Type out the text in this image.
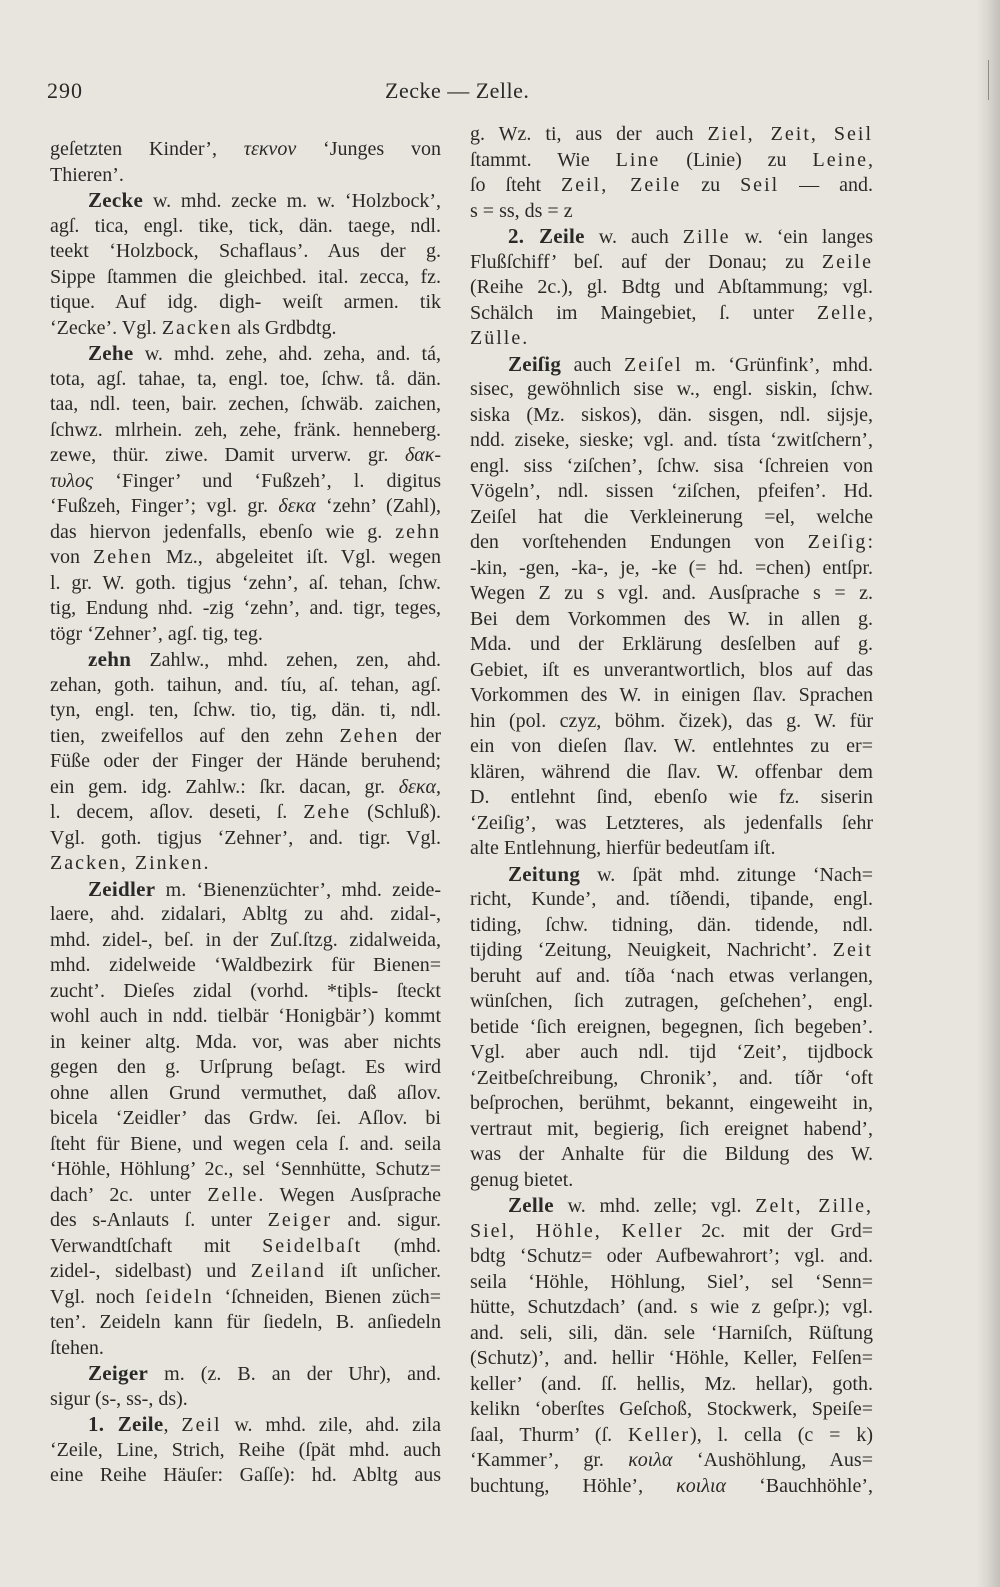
290	Zecke — Zelle.
geſetzten Kinder’, τεκνον ‘Junges von
Thieren’.
Zecke w. mhd. zecke m. w. ‘Holzbock’,
agſ. tica, engl. tike, tick, dän. taege, ndl.
teekt ‘Holzbock, Schaflaus’. Aus der g.
Sippe ſtammen die gleichbed. ital. zecca, fz.
tique. Auf idg. digh- weiſt armen. tik
‘Zecke’. Vgl. Zacken als Grdbdtg.
Zehe w. mhd. zehe, ahd. zeha, and. tá,
tota, agſ. tahae, ta, engl. toe, ſchw. tå. dän.
taa, ndl. teen, bair. zechen, ſchwäb. zaichen,
ſchwz. mlrhein. zeh, zehe, fränk. henneberg.
zewe, thür. ziwe. Damit urverw. gr. δακ-
τυλος ‘Finger’ und ‘Fußzeh’, l. digitus
‘Fußzeh, Finger’; vgl. gr. δεκα ‘zehn’ (Zahl),
das hiervon jedenfalls, ebenſo wie g. zehn
von Zehen Mz., abgeleitet iſt. Vgl. wegen
l. gr. W. goth. tigjus ‘zehn’, aſ. tehan, ſchw.
tig, Endung nhd. -zig ‘zehn’, and. tigr, teges,
tögr ‘Zehner’, agſ. tig, teg.
zehn Zahlw., mhd. zehen, zen, ahd.
zehan, goth. taihun, and. tíu, aſ. tehan, agſ.
tyn, engl. ten, ſchw. tio, tig, dän. ti, ndl.
tien, zweifellos auf den zehn Zehen der
Füße oder der Finger der Hände beruhend;
ein gem. idg. Zahlw.: ſkr. dacan, gr. δεκα,
l. decem, aſlov. deseti, ſ. Zehe (Schluß).
Vgl. goth. tigjus ‘Zehner’, and. tigr. Vgl.
Zacken, Zinken.
Zeidler m. ‘Bienenzüchter’, mhd. zeide-
laere, ahd. zidalari, Abltg zu ahd. zidal-,
mhd. zidel-, beſ. in der Zuſ.ſtzg. zidalweida,
mhd. zidelweide ‘Waldbezirk für Bienen=
zucht’. Dieſes zidal (vorhd. *tiþls- ſteckt
wohl auch in ndd. tielbär ‘Honigbär’) kommt
in keiner altg. Mda. vor, was aber nichts
gegen den g. Urſprung beſagt. Es wird
ohne allen Grund vermuthet, daß aſlov.
bicela ‘Zeidler’ das Grdw. ſei. Aſlov. bi
ſteht für Biene, und wegen cela ſ. and. seila
‘Höhle, Höhlung’ 2c., sel ‘Sennhütte, Schutz=
dach’ 2c. unter Zelle. Wegen Ausſprache
des s-Anlauts ſ. unter Zeiger and. sigur.
Verwandtſchaft mit Seidelbaſt (mhd.
zidel-, sidelbast) und Zeiland iſt unſicher.
Vgl. noch ſeideln ‘ſchneiden, Bienen züch=
ten’. Zeideln kann für ſiedeln, B. anſiedeln
ſtehen.
Zeiger m. (z. B. an der Uhr), and.
sigur (s-, ss-, ds).
1. Zeile, Zeil w. mhd. zile, ahd. zila
‘Zeile, Line, Strich, Reihe (ſpät mhd. auch
eine Reihe Häuſer: Gaſſe): hd. Abltg aus
g. Wz. ti, aus der auch Ziel, Zeit, Seil
ſtammt. Wie Line (Linie) zu Leine,
ſo ſteht Zeil, Zeile zu Seil — and.
s = ss, ds = z
2. Zeile w. auch Zille w. ‘ein langes
Flußſchiff’ beſ. auf der Donau; zu Zeile
(Reihe 2c.), gl. Bdtg und Abſtammung; vgl.
Schälch im Maingebiet, ſ. unter Zelle,
Zülle.
Zeiſig auch Zeiſel m. ‘Grünfink’, mhd.
sisec, gewöhnlich sise w., engl. siskin, ſchw.
siska (Mz. siskos), dän. sisgen, ndl. sijsje,
ndd. ziseke, sieske; vgl. and. tísta ‘zwitſchern’,
engl. siss ‘ziſchen’, ſchw. sisa ‘ſchreien von
Vögeln’, ndl. sissen ‘ziſchen, pfeifen’. Hd.
Zeiſel hat die Verkleinerung =el, welche
den vorſtehenden Endungen von Zeiſig:
-kin, -gen, -ka-, je, -ke (= hd. =chen) entſpr.
Wegen Z zu s vgl. and. Ausſprache s = z.
Bei dem Vorkommen des W. in allen g.
Mda. und der Erklärung desſelben auf g.
Gebiet, iſt es unverantwortlich, blos auf das
Vorkommen des W. in einigen ſlav. Sprachen
hin (pol. czyz, böhm. čizek), das g. W. für
ein von dieſen ſlav. W. entlehntes zu er=
klären, während die ſlav. W. offenbar dem
D. entlehnt ſind, ebenſo wie fz. siserin
‘Zeiſig’, was Letzteres, als jedenfalls ſehr
alte Entlehnung, hierfür bedeutſam iſt.
Zeitung w. ſpät mhd. zitunge ‘Nach=
richt, Kunde’, and. tíðendi, tiþande, engl.
tiding, ſchw. tidning, dän. tidende, ndl.
tijding ‘Zeitung, Neuigkeit, Nachricht’. Zeit
beruht auf and. tíða ‘nach etwas verlangen,
wünſchen, ſich zutragen, geſchehen’, engl.
betide ‘ſich ereignen, begegnen, ſich begeben’.
Vgl. aber auch ndl. tijd ‘Zeit’, tijdbock
‘Zeitbeſchreibung, Chronik’, and. tíðr ‘oft
beſprochen, berühmt, bekannt, eingeweiht in,
vertraut mit, begierig, ſich ereignet habend’,
was der Anhalte für die Bildung des W.
genug bietet.
Zelle w. mhd. zelle; vgl. Zelt, Zille,
Siel, Höhle, Keller 2c. mit der Grd=
bdtg ‘Schutz= oder Aufbewahrort’; vgl. and.
seila ‘Höhle, Höhlung, Siel’, sel ‘Senn=
hütte, Schutzdach’ (and. s wie z geſpr.); vgl.
and. seli, sili, dän. sele ‘Harniſch, Rüſtung
(Schutz)’, and. hellir ‘Höhle, Keller, Felſen=
keller’ (and. ſſ. hellis, Mz. hellar), goth.
kelikn ‘oberſtes Geſchoß, Stockwerk, Speiſe=
ſaal, Thurm’ (ſ. Keller), l. cella (c = k)
‘Kammer’, gr. κοιλα ‘Aushöhlung, Aus=
buchtung, Höhle’, κοιλια ‘Bauchhöhle’,
